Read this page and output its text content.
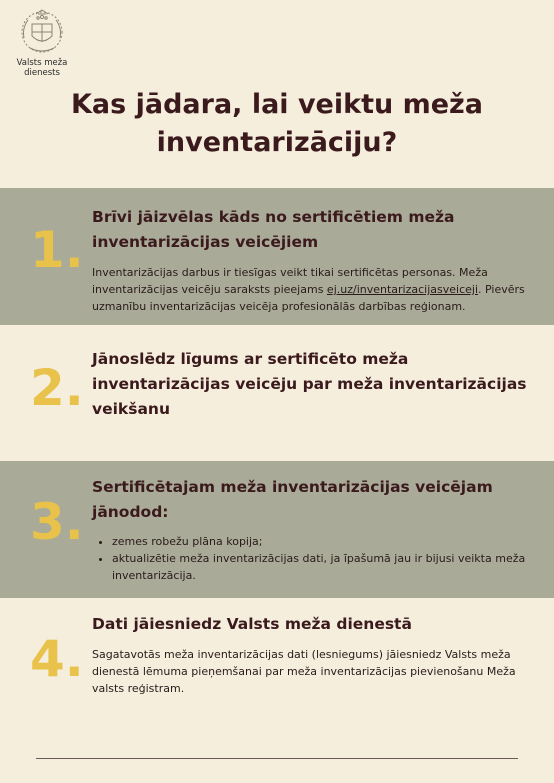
Valsts meža
dienests
Kas jādara, lai veiktu meža
inventarizāciju?
1.
Brīvi jāizvēlas kāds no sertificētiem meža inventarizācijas veicējiem
Inventarizācijas darbus ir tiesīgas veikt tikai sertificētas personas. Meža inventarizācijas veicēju saraksts pieejams ej.uz/inventarizacijasveiceji. Pievērs uzmanību inventarizācijas veicēja profesionālās darbības reģionam.
2. Jānoslēdz līgums ar sertificēto meža inventarizācijas veicēju par meža inventarizācijas veikšanu
3.
Sertificētajam meža inventarizācijas veicējam jānodod:
• zemes robežu plāna kopija;
• aktualizētie meža inventarizācijas dati, ja īpašumā jau ir bijusi veikta meža inventarizācija.
4.
Dati jāiesniedz Valsts meža dienestā
Sagatavotās meža inventarizācijas dati (lesniegums) jāiesniedz Valsts meža dienestā lēmuma pieņemšanai par meža inventarizācijas pievienošanu Meža valsts reģistram.
